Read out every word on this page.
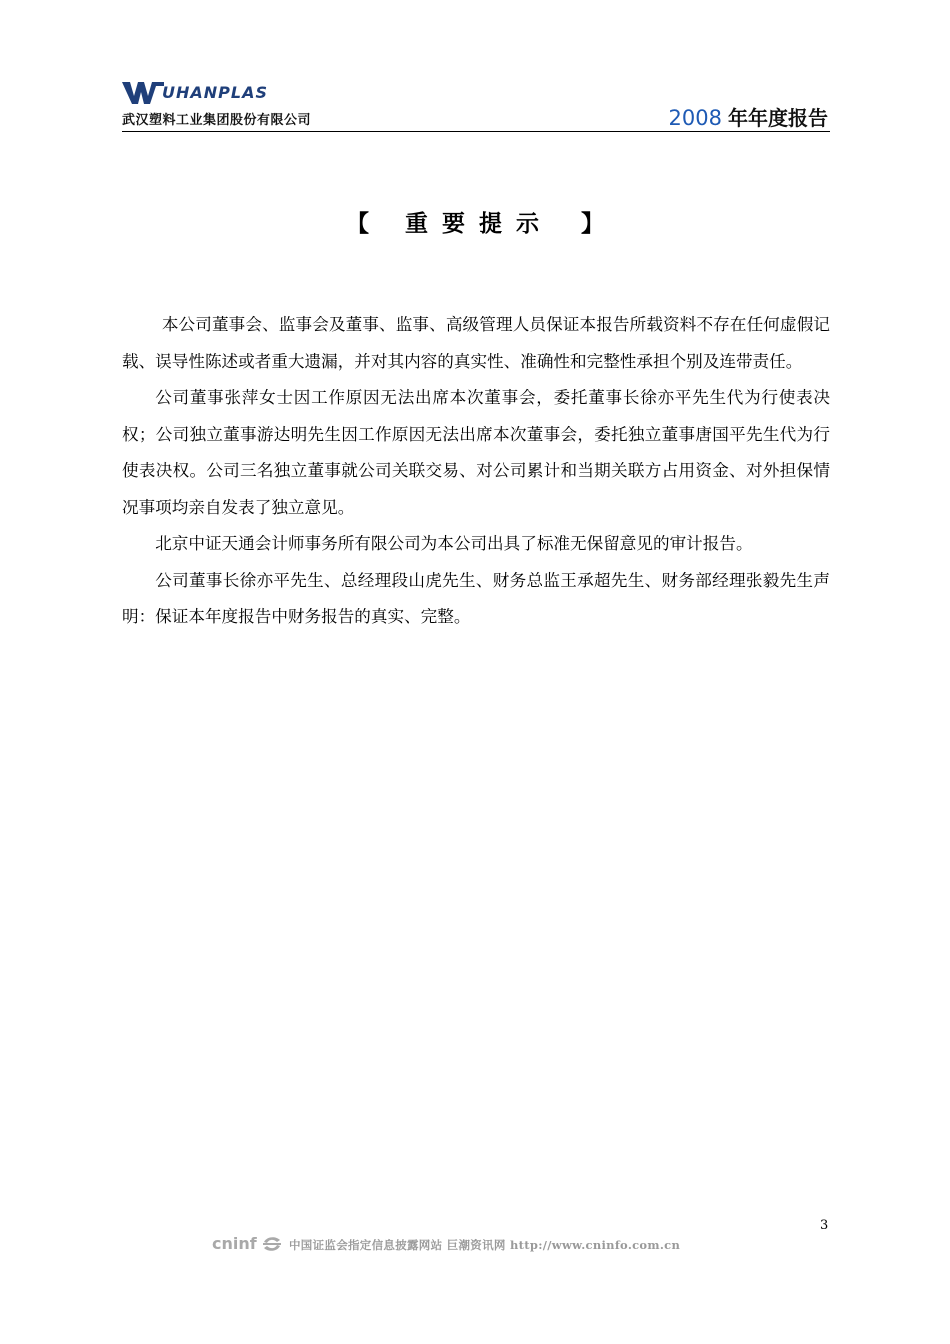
UHANPLAS
武汉塑料工业集团股份有限公司	2008 年年度报告
【 重要提示 】

本公司董事会、监事会及董事、监事、高级管理人员保证本报告所载资料不存在任何虚假记载、误导性陈述或者重大遗漏，并对其内容的真实性、准确性和完整性承担个别及连带责任。

公司董事张萍女士因工作原因无法出席本次董事会，委托董事长徐亦平先生代为行使表决权；公司独立董事游达明先生因工作原因无法出席本次董事会，委托独立董事唐国平先生代为行使表决权。公司三名独立董事就公司关联交易、对公司累计和当期关联方占用资金、对外担保情况事项均亲自发表了独立意见。

北京中证天通会计师事务所有限公司为本公司出具了标准无保留意见的审计报告。

公司董事长徐亦平先生、总经理段山虎先生、财务总监王承超先生、财务部经理张毅先生声明：保证本年度报告中财务报告的真实、完整。

3
cninf	中国证监会指定信息披露网站 巨潮资讯网 http://www.cninfo.com.cn
